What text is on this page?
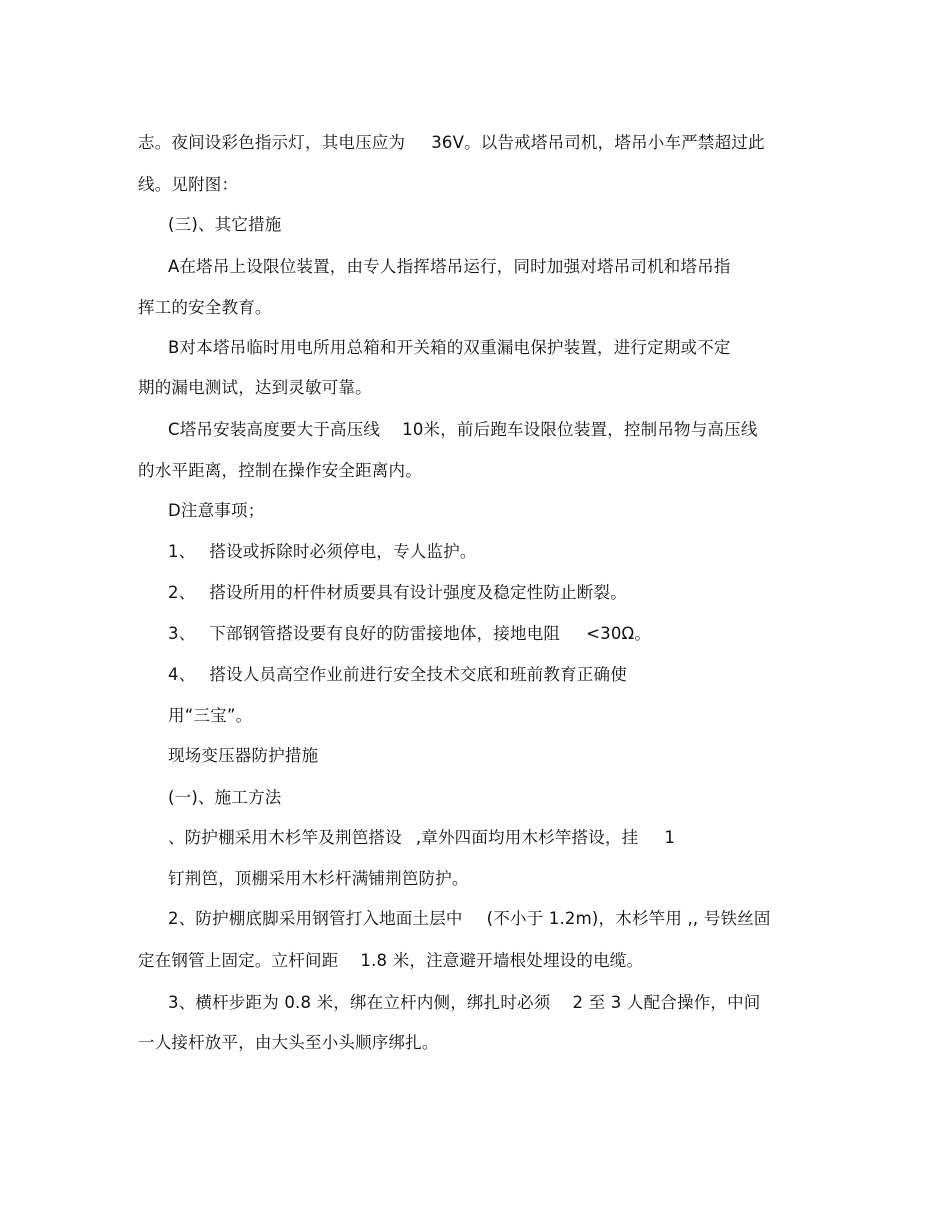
志。夜间设彩色指示灯，其电压应为 36V。以告戒塔吊司机，塔吊小车严禁超过此
线。见附图：
(三)、其它措施
A在塔吊上设限位装置，由专人指挥塔吊运行，同时加强对塔吊司机和塔吊指
挥工的安全教育。
B对本塔吊临时用电所用总箱和开关箱的双重漏电保护装置，进行定期或不定
期的漏电测试，达到灵敏可靠。
C塔吊安装高度要大于高压线 10米，前后跑车设限位装置，控制吊物与高压线
的水平距离，控制在操作安全距离内。
D注意事项；
1、 搭设或拆除时必须停电，专人监护。
2、 搭设所用的杆件材质要具有设计强度及稳定性防止断裂。
3、 下部钢管搭设要有良好的防雷接地体，接地电阻 <30Ω。
4、 搭设人员高空作业前进行安全技术交底和班前教育正确使
用“三宝”。
现场变压器防护措施
(一)、施工方法
、防护棚采用木杉竿及荆笆搭设 ,章外四面均用木杉竿搭设，挂 1
钉荆笆，顶棚采用木杉杆满铺荆笆防护。
2、防护棚底脚采用钢管打入地面土层中 (不小于 1.2m)，木杉竿用 ,, 号铁丝固
定在钢管上固定。立杆间距 1.8 米，注意避开墙根处埋设的电缆。
3、横杆步距为 0.8 米，绑在立杆内侧，绑扎时必须 2 至 3 人配合操作，中间
一人接杆放平，由大头至小头顺序绑扎。
